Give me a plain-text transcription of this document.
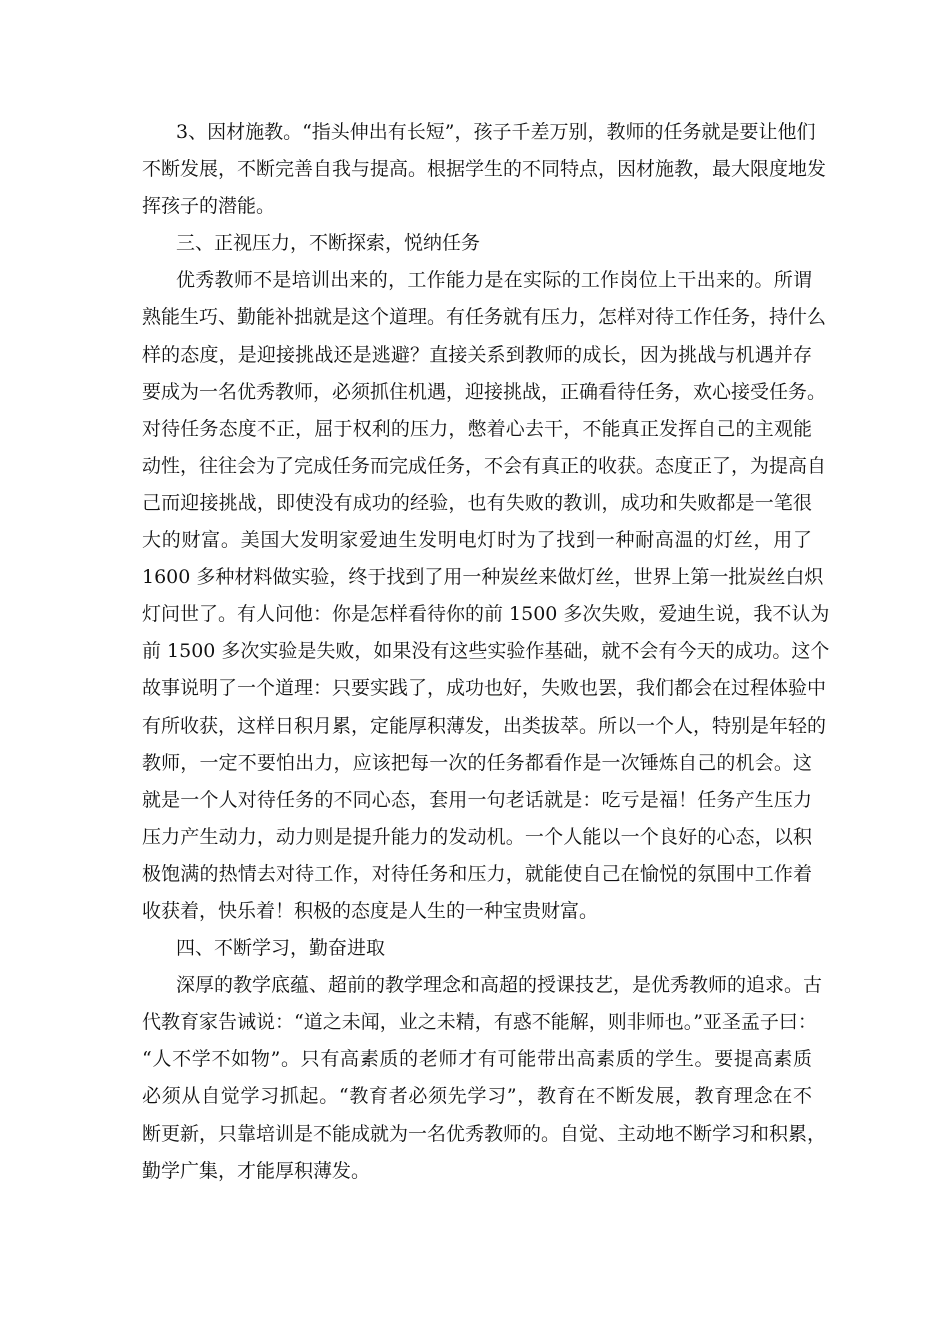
3、因材施教。“指头伸出有长短”，孩子千差万别，教师的任务就是要让他们
不断发展，不断完善自我与提高。根据学生的不同特点，因材施教，最大限度地发
挥孩子的潜能。
三、正视压力，不断探索，悦纳任务
优秀教师不是培训出来的，工作能力是在实际的工作岗位上干出来的。所谓
熟能生巧、勤能补拙就是这个道理。有任务就有压力，怎样对待工作任务，持什么
样的态度，是迎接挑战还是逃避？直接关系到教师的成长，因为挑战与机遇并存
要成为一名优秀教师，必须抓住机遇，迎接挑战，正确看待任务，欢心接受任务。
对待任务态度不正，屈于权利的压力，憋着心去干，不能真正发挥自己的主观能
动性，往往会为了完成任务而完成任务，不会有真正的收获。态度正了，为提高自
己而迎接挑战，即使没有成功的经验，也有失败的教训，成功和失败都是一笔很
大的财富。美国大发明家爱迪生发明电灯时为了找到一种耐高温的灯丝，用了
1600 多种材料做实验，终于找到了用一种炭丝来做灯丝，世界上第一批炭丝白炽
灯问世了。有人问他：你是怎样看待你的前 1500 多次失败，爱迪生说，我不认为
前 1500 多次实验是失败，如果没有这些实验作基础，就不会有今天的成功。这个
故事说明了一个道理：只要实践了，成功也好，失败也罢，我们都会在过程体验中
有所收获，这样日积月累，定能厚积薄发，出类拔萃。所以一个人，特别是年轻的
教师，一定不要怕出力，应该把每一次的任务都看作是一次锤炼自己的机会。这
就是一个人对待任务的不同心态，套用一句老话就是：吃亏是福！任务产生压力
压力产生动力，动力则是提升能力的发动机。一个人能以一个良好的心态，以积
极饱满的热情去对待工作，对待任务和压力，就能使自己在愉悦的氛围中工作着
收获着，快乐着！积极的态度是人生的一种宝贵财富。
四、不断学习，勤奋进取
深厚的教学底蕴、超前的教学理念和高超的授课技艺，是优秀教师的追求。古
代教育家告诫说：“道之未闻，业之未精，有惑不能解，则非师也。”亚圣孟子曰：
“人不学不如物”。只有高素质的老师才有可能带出高素质的学生。要提高素质
必须从自觉学习抓起。“教育者必须先学习”，教育在不断发展，教育理念在不
断更新，只靠培训是不能成就为一名优秀教师的。自觉、主动地不断学习和积累，
勤学广集，才能厚积薄发。
